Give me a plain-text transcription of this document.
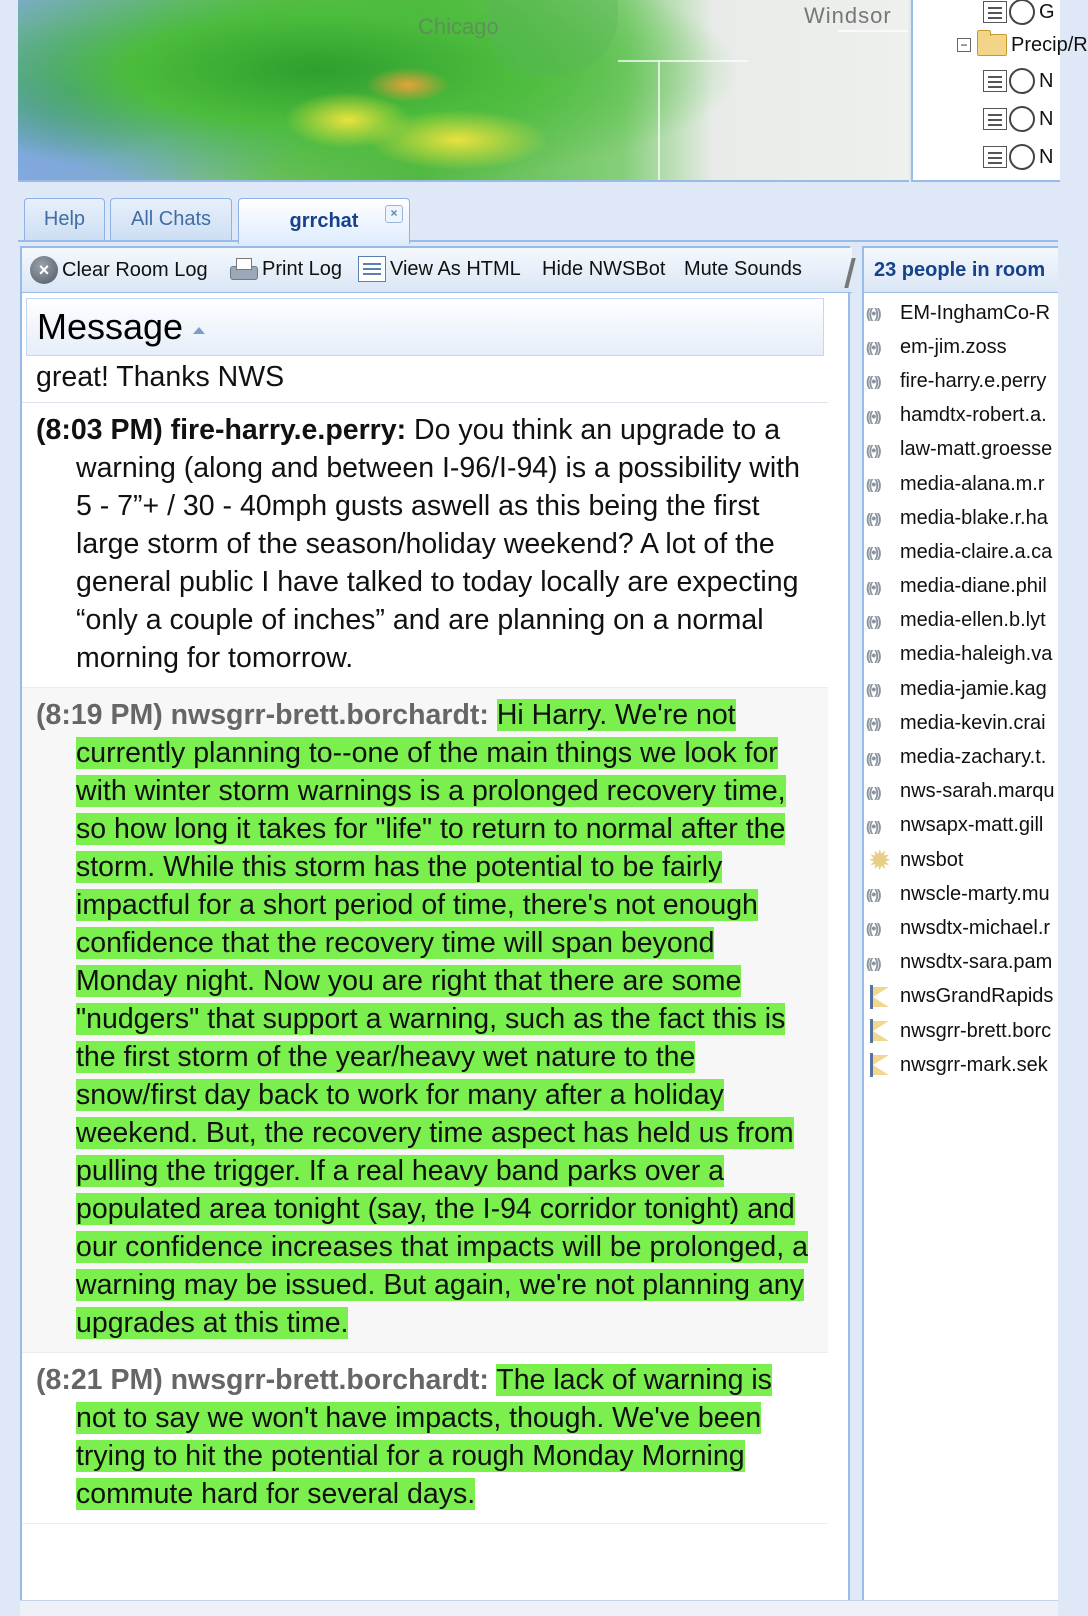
Chicago	Windsor	G
− Precip/R
N
N
N
Help All Chats	grrchat	×
× Clear Room Log	Print Log View As HTML Hide NWSBot Mute Sounds
Message
great! Thanks NWS
(8:03 PM) fire-harry.e.perry: Do you think an upgrade to a warning (along and between I-96/I-94) is a possibility with 5 - 7”+ / 30 - 40mph gusts aswell as this being the first large storm of the season/holiday weekend? A lot of the general public I have talked to today locally are expecting “only a couple of inches” and are planning on a normal morning for tomorrow.
(8:19 PM) nwsgrr-brett.borchardt: Hi Harry. We're not currently planning to--one of the main things we look for with winter storm warnings is a prolonged recovery time, so how long it takes for "life" to return to normal after the storm. While this storm has the potential to be fairly impactful for a short period of time, there's not enough confidence that the recovery time will span beyond Monday night. Now you are right that there are some "nudgers" that support a warning, such as the fact this is the first storm of the year/heavy wet nature to the snow/first day back to work for many after a holiday weekend. But, the recovery time aspect has held us from pulling the trigger. If a real heavy band parks over a populated area tonight (say, the I-94 corridor tonight) and our confidence increases that impacts will be prolonged, a warning may be issued. But again, we're not planning any upgrades at this time.
(8:21 PM) nwsgrr-brett.borchardt: The lack of warning is not to say we won't have impacts, though. We've been trying to hit the potential for a rough Monday Morning commute hard for several days.
23 people in room
((•))
EM-InghamCo-R
((•))
em-jim.zoss
((•))
fire-harry.e.perry
((•))
hamdtx-robert.a.
((•))
law-matt.groesse
((•))
media-alana.m.r
((•))
media-blake.r.ha
((•))
media-claire.a.ca
((•))
media-diane.phil
((•))
media-ellen.b.lyt
((•))
media-haleigh.va
((•))
media-jamie.kag
((•))
media-kevin.crai
((•))
media-zachary.t.
((•))
nws-sarah.marqu
((•))
nwsapx-matt.gill
✹
nwsbot
((•))
nwscle-marty.mu
((•))
nwsdtx-michael.r
((•))
nwsdtx-sara.pam
nwsGrandRapids
nwsgrr-brett.borc
nwsgrr-mark.sek
